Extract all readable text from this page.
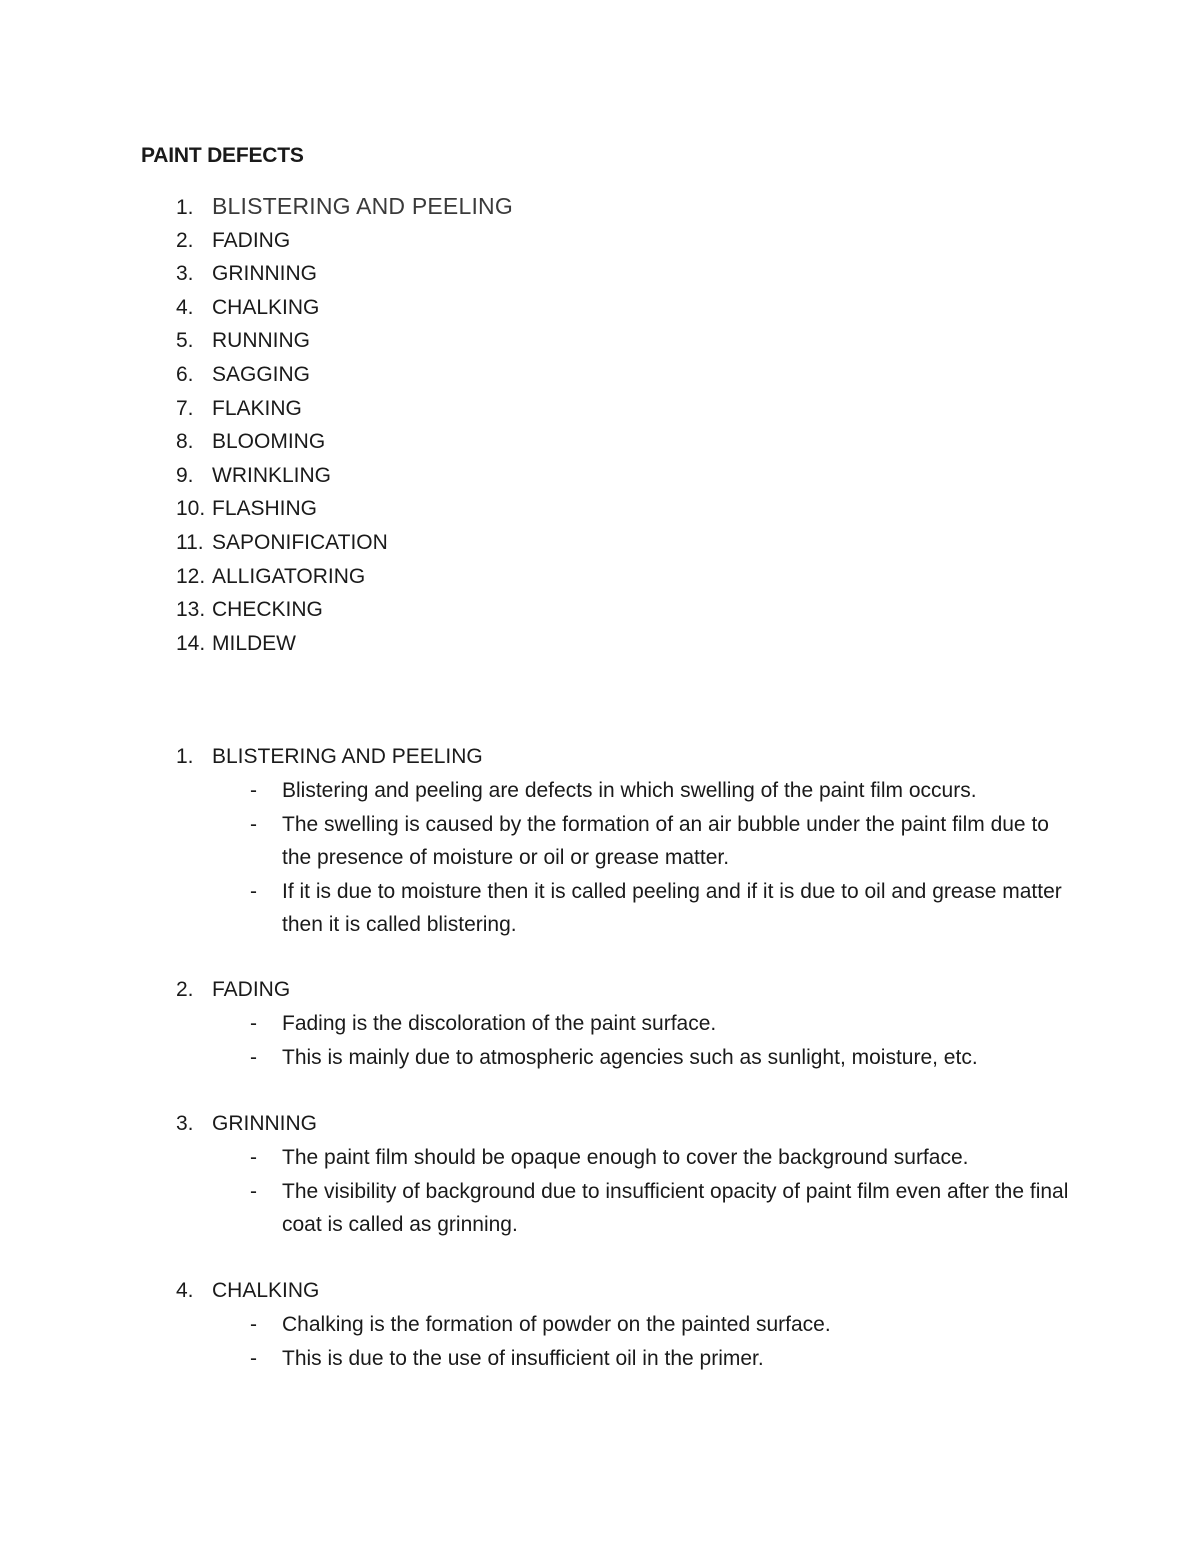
PAINT DEFECTS
1. BLISTERING AND PEELING
2. FADING
3. GRINNING
4. CHALKING
5. RUNNING
6. SAGGING
7. FLAKING
8. BLOOMING
9. WRINKLING
10. FLASHING
11. SAPONIFICATION
12. ALLIGATORING
13. CHECKING
14. MILDEW
1. BLISTERING AND PEELING
- Blistering and peeling are defects in which swelling of the paint film occurs.
- The swelling is caused by the formation of an air bubble under the paint film due to the presence of moisture or oil or grease matter.
- If it is due to moisture then it is called peeling and if it is due to oil and grease matter then it is called blistering.
2. FADING
- Fading is the discoloration of the paint surface.
- This is mainly due to atmospheric agencies such as sunlight, moisture, etc.
3. GRINNING
- The paint film should be opaque enough to cover the background surface.
- The visibility of background due to insufficient opacity of paint film even after the final coat is called as grinning.
4. CHALKING
- Chalking is the formation of powder on the painted surface.
- This is due to the use of insufficient oil in the primer.
